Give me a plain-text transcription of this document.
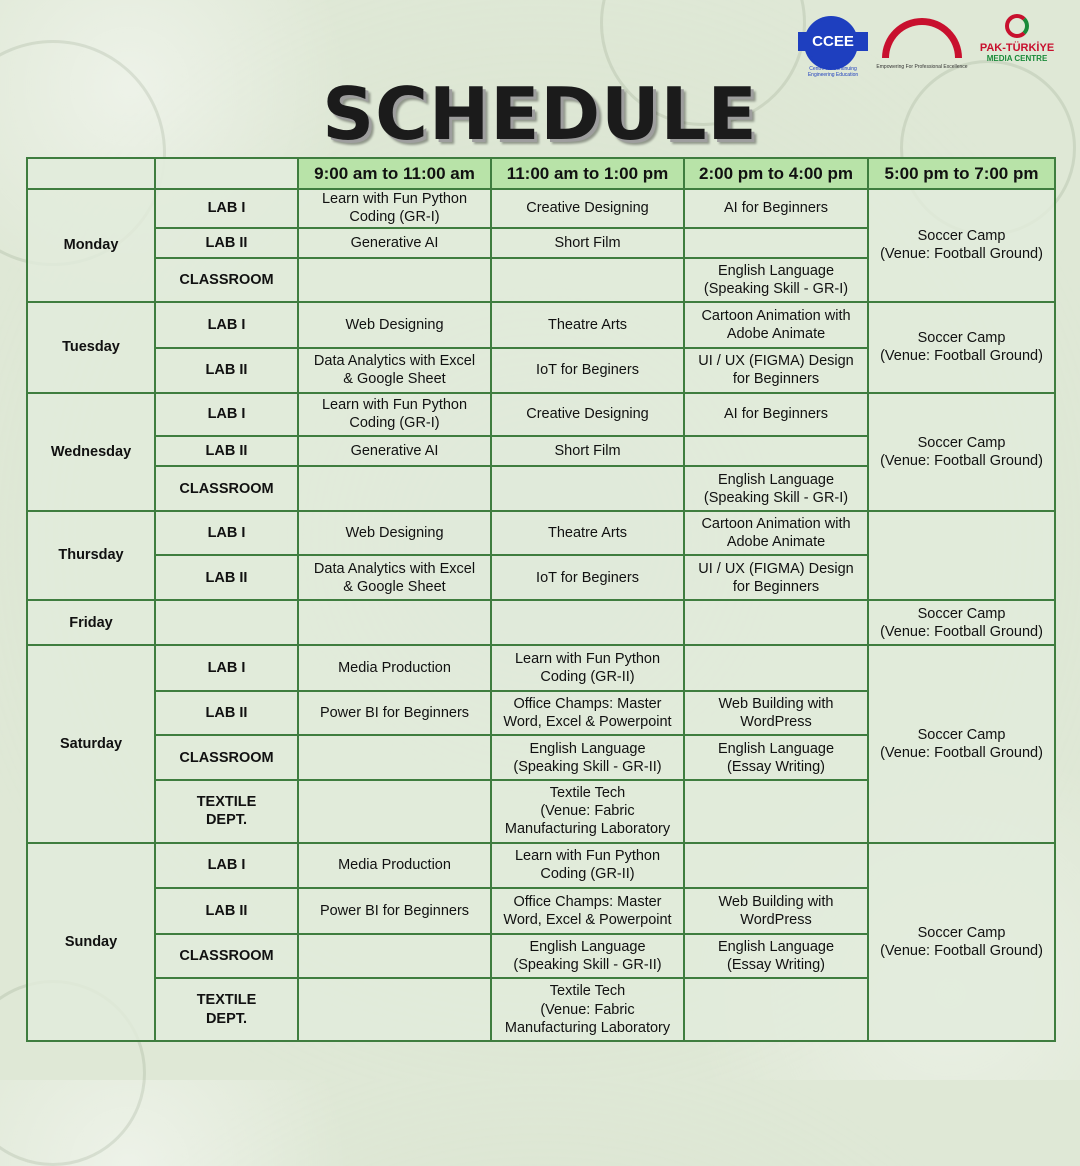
CCEE
Centre for Continuing Engineering Education
Empowering For Professional Excellence
PAK-TÜRKİYE
MEDIA CENTRE
SCHEDULE
		9:00 am to 11:00 am	11:00 am to 1:00 pm	2:00 pm to 4:00 pm	5:00 pm to 7:00 pm
Monday	LAB I	Learn with Fun Python
Coding (GR-I)	Creative Designing	AI for Beginners	Soccer Camp
(Venue: Football Ground)
	LAB II	Generative AI	Short Film		
	CLASSROOM			English Language
(Speaking Skill - GR-I)	
Tuesday	LAB I	Web Designing	Theatre Arts	Cartoon Animation with
Adobe Animate	Soccer Camp
(Venue: Football Ground)
	LAB II	Data Analytics with Excel
& Google Sheet	IoT for Beginers	UI / UX (FIGMA) Design
for Beginners	
Wednesday	LAB I	Learn with Fun Python
Coding (GR-I)	Creative Designing	AI for Beginners	Soccer Camp
(Venue: Football Ground)
	LAB II	Generative AI	Short Film		
	CLASSROOM			English Language
(Speaking Skill - GR-I)	
Thursday	LAB I	Web Designing	Theatre Arts	Cartoon Animation with
Adobe Animate	
	LAB II	Data Analytics with Excel
& Google Sheet	IoT for Beginers	UI / UX (FIGMA) Design
for Beginners	
Friday					Soccer Camp
(Venue: Football Ground)
Saturday	LAB I	Media Production	Learn with Fun Python
Coding (GR-II)		Soccer Camp
(Venue: Football Ground)
	LAB II	Power BI for Beginners	Office Champs: Master
Word, Excel & Powerpoint	Web Building with
WordPress	
	CLASSROOM		English Language
(Speaking Skill - GR-II)	English Language
(Essay Writing)	
	TEXTILE
DEPT.		Textile Tech
(Venue: Fabric
Manufacturing Laboratory		
Sunday	LAB I	Media Production	Learn with Fun Python
Coding (GR-II)		Soccer Camp
(Venue: Football Ground)
	LAB II	Power BI for Beginners	Office Champs: Master
Word, Excel & Powerpoint	Web Building with
WordPress	
	CLASSROOM		English Language
(Speaking Skill - GR-II)	English Language
(Essay Writing)	
	TEXTILE
DEPT.		Textile Tech
(Venue: Fabric
Manufacturing Laboratory		
